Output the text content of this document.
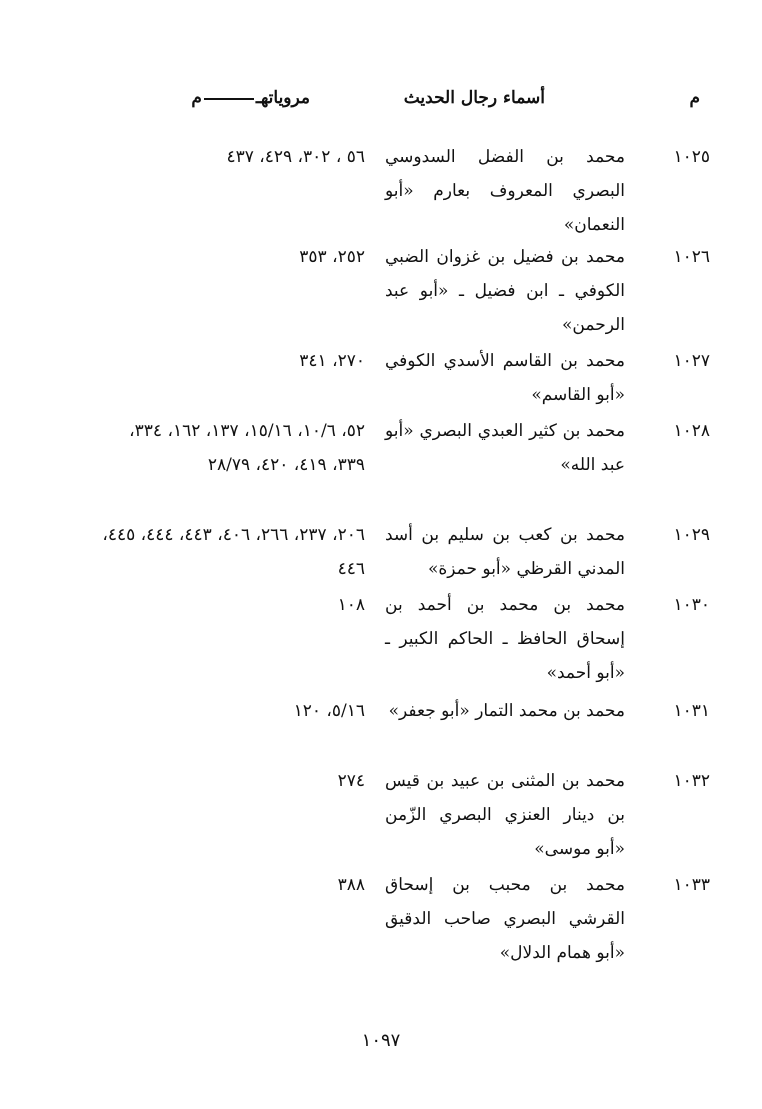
م
أسماء رجال الحديث
مروياتهـم
١٠٢٥
محمد بن الفضل السدوسي البصري المعروف بعارم «أبو النعمان»
٥٦ ، ٣٠٢، ٤٢٩، ٤٣٧
١٠٢٦
محمد بن فضيل بن غزوان الضبي الكوفي ـ ابن فضيل ـ «أبو عبد الرحمن»
٢٥٢، ٣٥٣
١٠٢٧
محمد بن القاسم الأسدي الكوفي «أبو القاسم»
٢٧٠، ٣٤١
١٠٢٨
محمد بن كثير العبدي البصري «أبو عبد الله»
٥٢، ١٠/٦، ١٥/١٦، ١٣٧، ١٦٢، ٣٣٤، ٣٣٩، ٤١٩، ٤٢٠، ٢٨/٧٩
١٠٢٩
محمد بن كعب بن سليم بن أسد المدني القرظي «أبو حمزة»
٢٠٦، ٢٣٧، ٢٦٦، ٤٠٦، ٤٤٣، ٤٤٤، ٤٤٥، ٤٤٦
١٠٣٠
محمد بن محمد بن أحمد بن إسحاق الحافظ ـ الحاكم الكبير ـ «أبو أحمد»
١٠٨
١٠٣١
محمد بن محمد التمار «أبو جعفر»
٥/١٦، ١٢٠
١٠٣٢
محمد بن المثنى بن عبيد بن قيس بن دينار العنزي البصري الزّمن «أبو موسى»
٢٧٤
١٠٣٣
محمد بن محبب بن إسحاق القرشي البصري صاحب الدقيق «أبو همام الدلال»
٣٨٨
١٠٩٧
